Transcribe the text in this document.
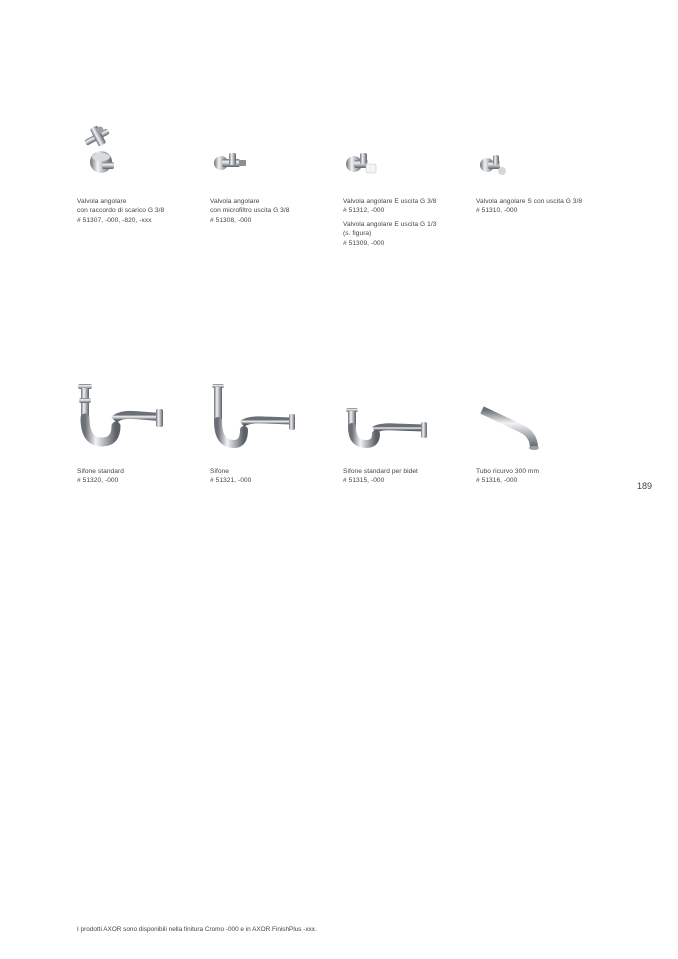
Valvola angolare
con raccordo di scarico G 3/8
# 51307, -000, -820, -xxx
Valvola angolare
con microfiltro uscita G 3/8
# 51308, -000
Valvola angolare E uscita G 3/8
# 51312, -000
Valvola angolare E uscita G 1/3
(s. figura)
# 51309, -000
Valvola angolare S con uscita G 3/8
# 51310, -000
Sifone standard
# 51320, -000
Sifone
# 51321, -000
Sifone standard per bidet
# 51315, -000
Tubo ricurvo 300 mm
# 51316, -000
189
I prodotti AXOR sono disponibili nella finitura Cromo -000 e in AXOR FinishPlus -xxx.
